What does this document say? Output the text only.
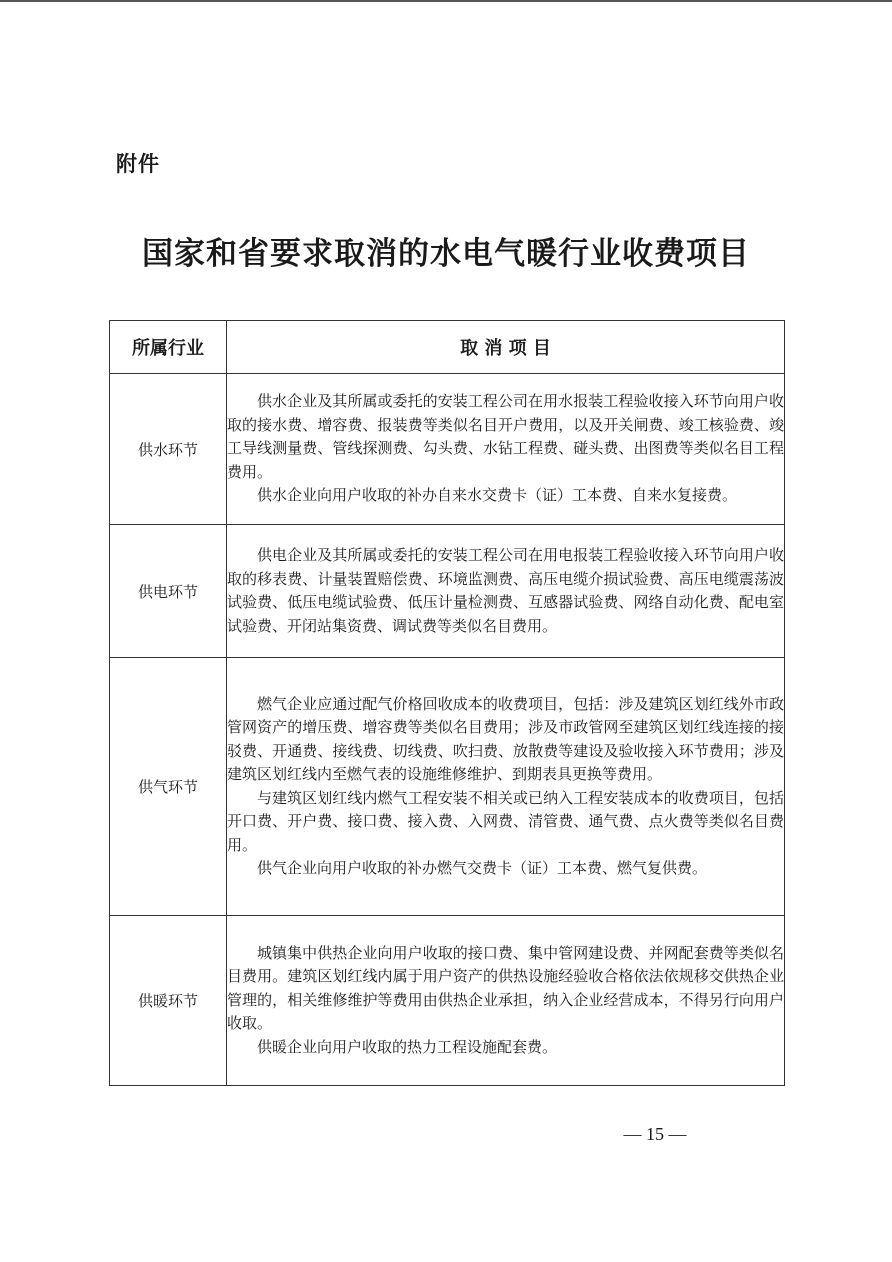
附件
国家和省要求取消的水电气暖行业收费项目
所属行业	取 消 项 目
供水环节	供水企业及其所属或委托的安装工程公司在用水报装工程验收接入环节向用户收取的接水费、增容费、报装费等类似名目开户费用，以及开关闸费、竣工核验费、竣工导线测量费、管线探测费、勾头费、水钻工程费、碰头费、出图费等类似名目工程费用。

供水企业向用户收取的补办自来水交费卡（证）工本费、自来水复接费。

供电环节	供电企业及其所属或委托的安装工程公司在用电报装工程验收接入环节向用户收取的移表费、计量装置赔偿费、环境监测费、高压电缆介损试验费、高压电缆震荡波试验费、低压电缆试验费、低压计量检测费、互感器试验费、网络自动化费、配电室试验费、开闭站集资费、调试费等类似名目费用。

供气环节	燃气企业应通过配气价格回收成本的收费项目，包括：涉及建筑区划红线外市政管网资产的增压费、增容费等类似名目费用；涉及市政管网至建筑区划红线连接的接驳费、开通费、接线费、切线费、吹扫费、放散费等建设及验收接入环节费用；涉及建筑区划红线内至燃气表的设施维修维护、到期表具更换等费用。

与建筑区划红线内燃气工程安装不相关或已纳入工程安装成本的收费项目，包括开口费、开户费、接口费、接入费、入网费、清管费、通气费、点火费等类似名目费用。

供气企业向用户收取的补办燃气交费卡（证）工本费、燃气复供费。

供暖环节	城镇集中供热企业向用户收取的接口费、集中管网建设费、并网配套费等类似名目费用。建筑区划红线内属于用户资产的供热设施经验收合格依法依规移交供热企业管理的，相关维修维护等费用由供热企业承担，纳入企业经营成本，不得另行向用户收取。

供暖企业向用户收取的热力工程设施配套费。

— 15 —
